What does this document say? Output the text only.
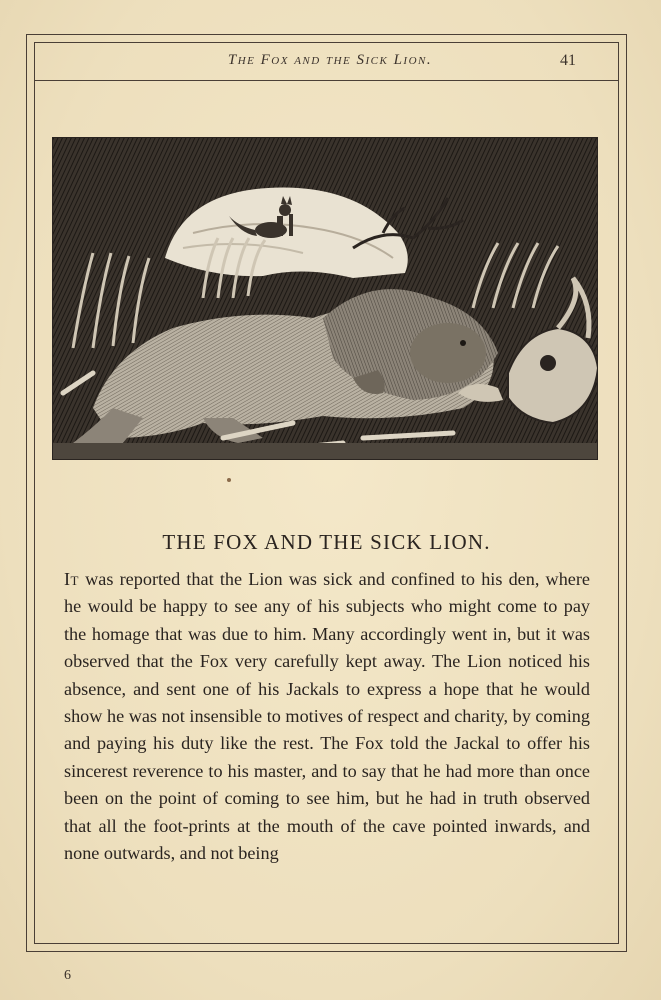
The Fox and the Sick Lion.	41
THE FOX AND THE SICK LION.

It was reported that the Lion was sick and confined to his den, where he would be happy to see any of his subjects who might come to pay the homage that was due to him. Many accordingly went in, but it was observed that the Fox very carefully kept away. The Lion noticed his absence, and sent one of his Jackals to express a hope that he would show he was not insensible to motives of respect and charity, by coming and paying his duty like the rest. The Fox told the Jackal to offer his sincerest reverence to his master, and to say that he had more than once been on the point of coming to see him, but he had in truth observed that all the foot-prints at the mouth of the cave pointed inwards, and none outwards, and not being

6
